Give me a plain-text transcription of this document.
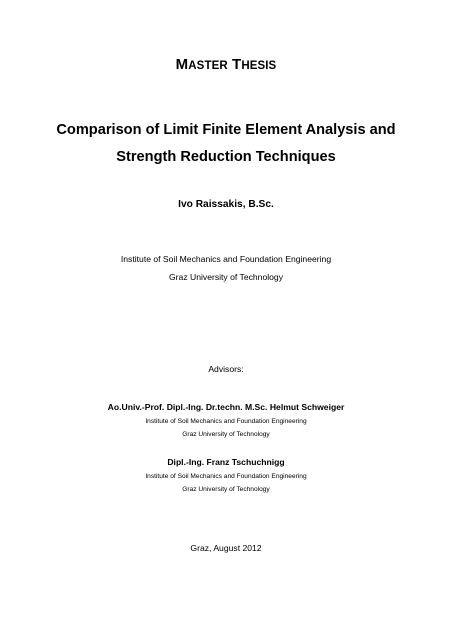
MASTER THESIS
Comparison of Limit Finite Element Analysis and
Strength Reduction Techniques
Ivo Raissakis, B.Sc.
Institute of Soil Mechanics and Foundation Engineering
Graz University of Technology
Advisors:
Ao.Univ.-Prof. Dipl.-Ing. Dr.techn. M.Sc. Helmut Schweiger
Institute of Soil Mechanics and Foundation Engineering
Graz University of Technology
Dipl.-Ing. Franz Tschuchnigg
Institute of Soil Mechanics and Foundation Engineering
Graz University of Technology
Graz, August 2012
